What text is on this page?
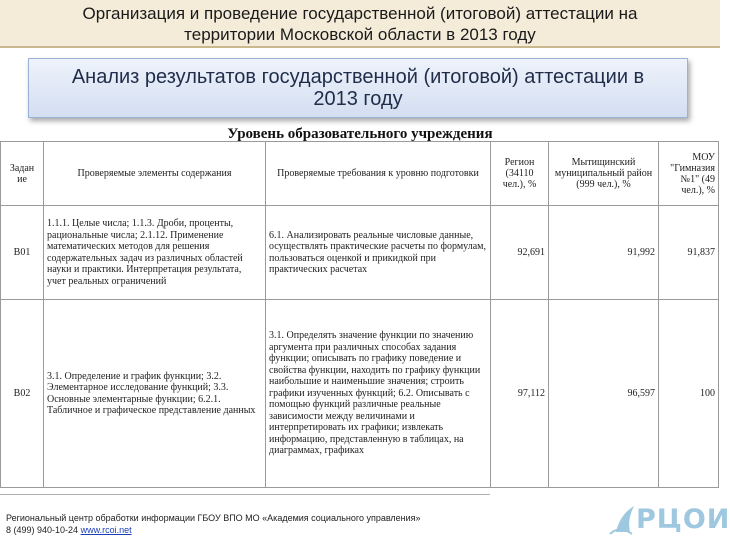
Организация и проведение государственной (итоговой) аттестации на
территории Московской области в 2013 году
Анализ результатов государственной (итоговой) аттестации в
2013 году
Уровень образовательного учреждения
Задан ие	Проверяемые элементы содержания	Проверяемые требования к уровню подготовки	Регион (34110 чел.), %	Мытищинский муниципальный район (999 чел.), %	МОУ "Гимназия №1" (49 чел.), %
В01	1.1.1. Целые числа; 1.1.3. Дроби, проценты, рациональные числа; 2.1.12. Применение математических методов для решения содержательных задач из различных областей науки и практики. Интерпретация результата, учет реальных ограничений	6.1. Анализировать реальные числовые данные, осуществлять практические расчеты по формулам, пользоваться оценкой и прикидкой при практических расчетах	92,691	91,992	91,837
В02	3.1. Определение и график функции; 3.2. Элементарное исследование функций; 3.3. Основные элементарные функции; 6.2.1. Табличное и графическое представление данных	3.1. Определять значение функции по значению аргумента при различных способах задания функции; описывать по графику поведение и свойства функции, находить по графику функции наибольшие и наименьшие значения; строить графики изученных функций; 6.2. Описывать с помощью функций различные реальные зависимости между величинами и интерпретировать их графики; извлекать информацию, представленную в таблицах, на диаграммах, графиках	97,112	96,597	100
Региональный центр обработки информации ГБОУ ВПО МО «Академия социального управления»
8 (499) 940-10-24 www.rcoi.net	РЦОИ
